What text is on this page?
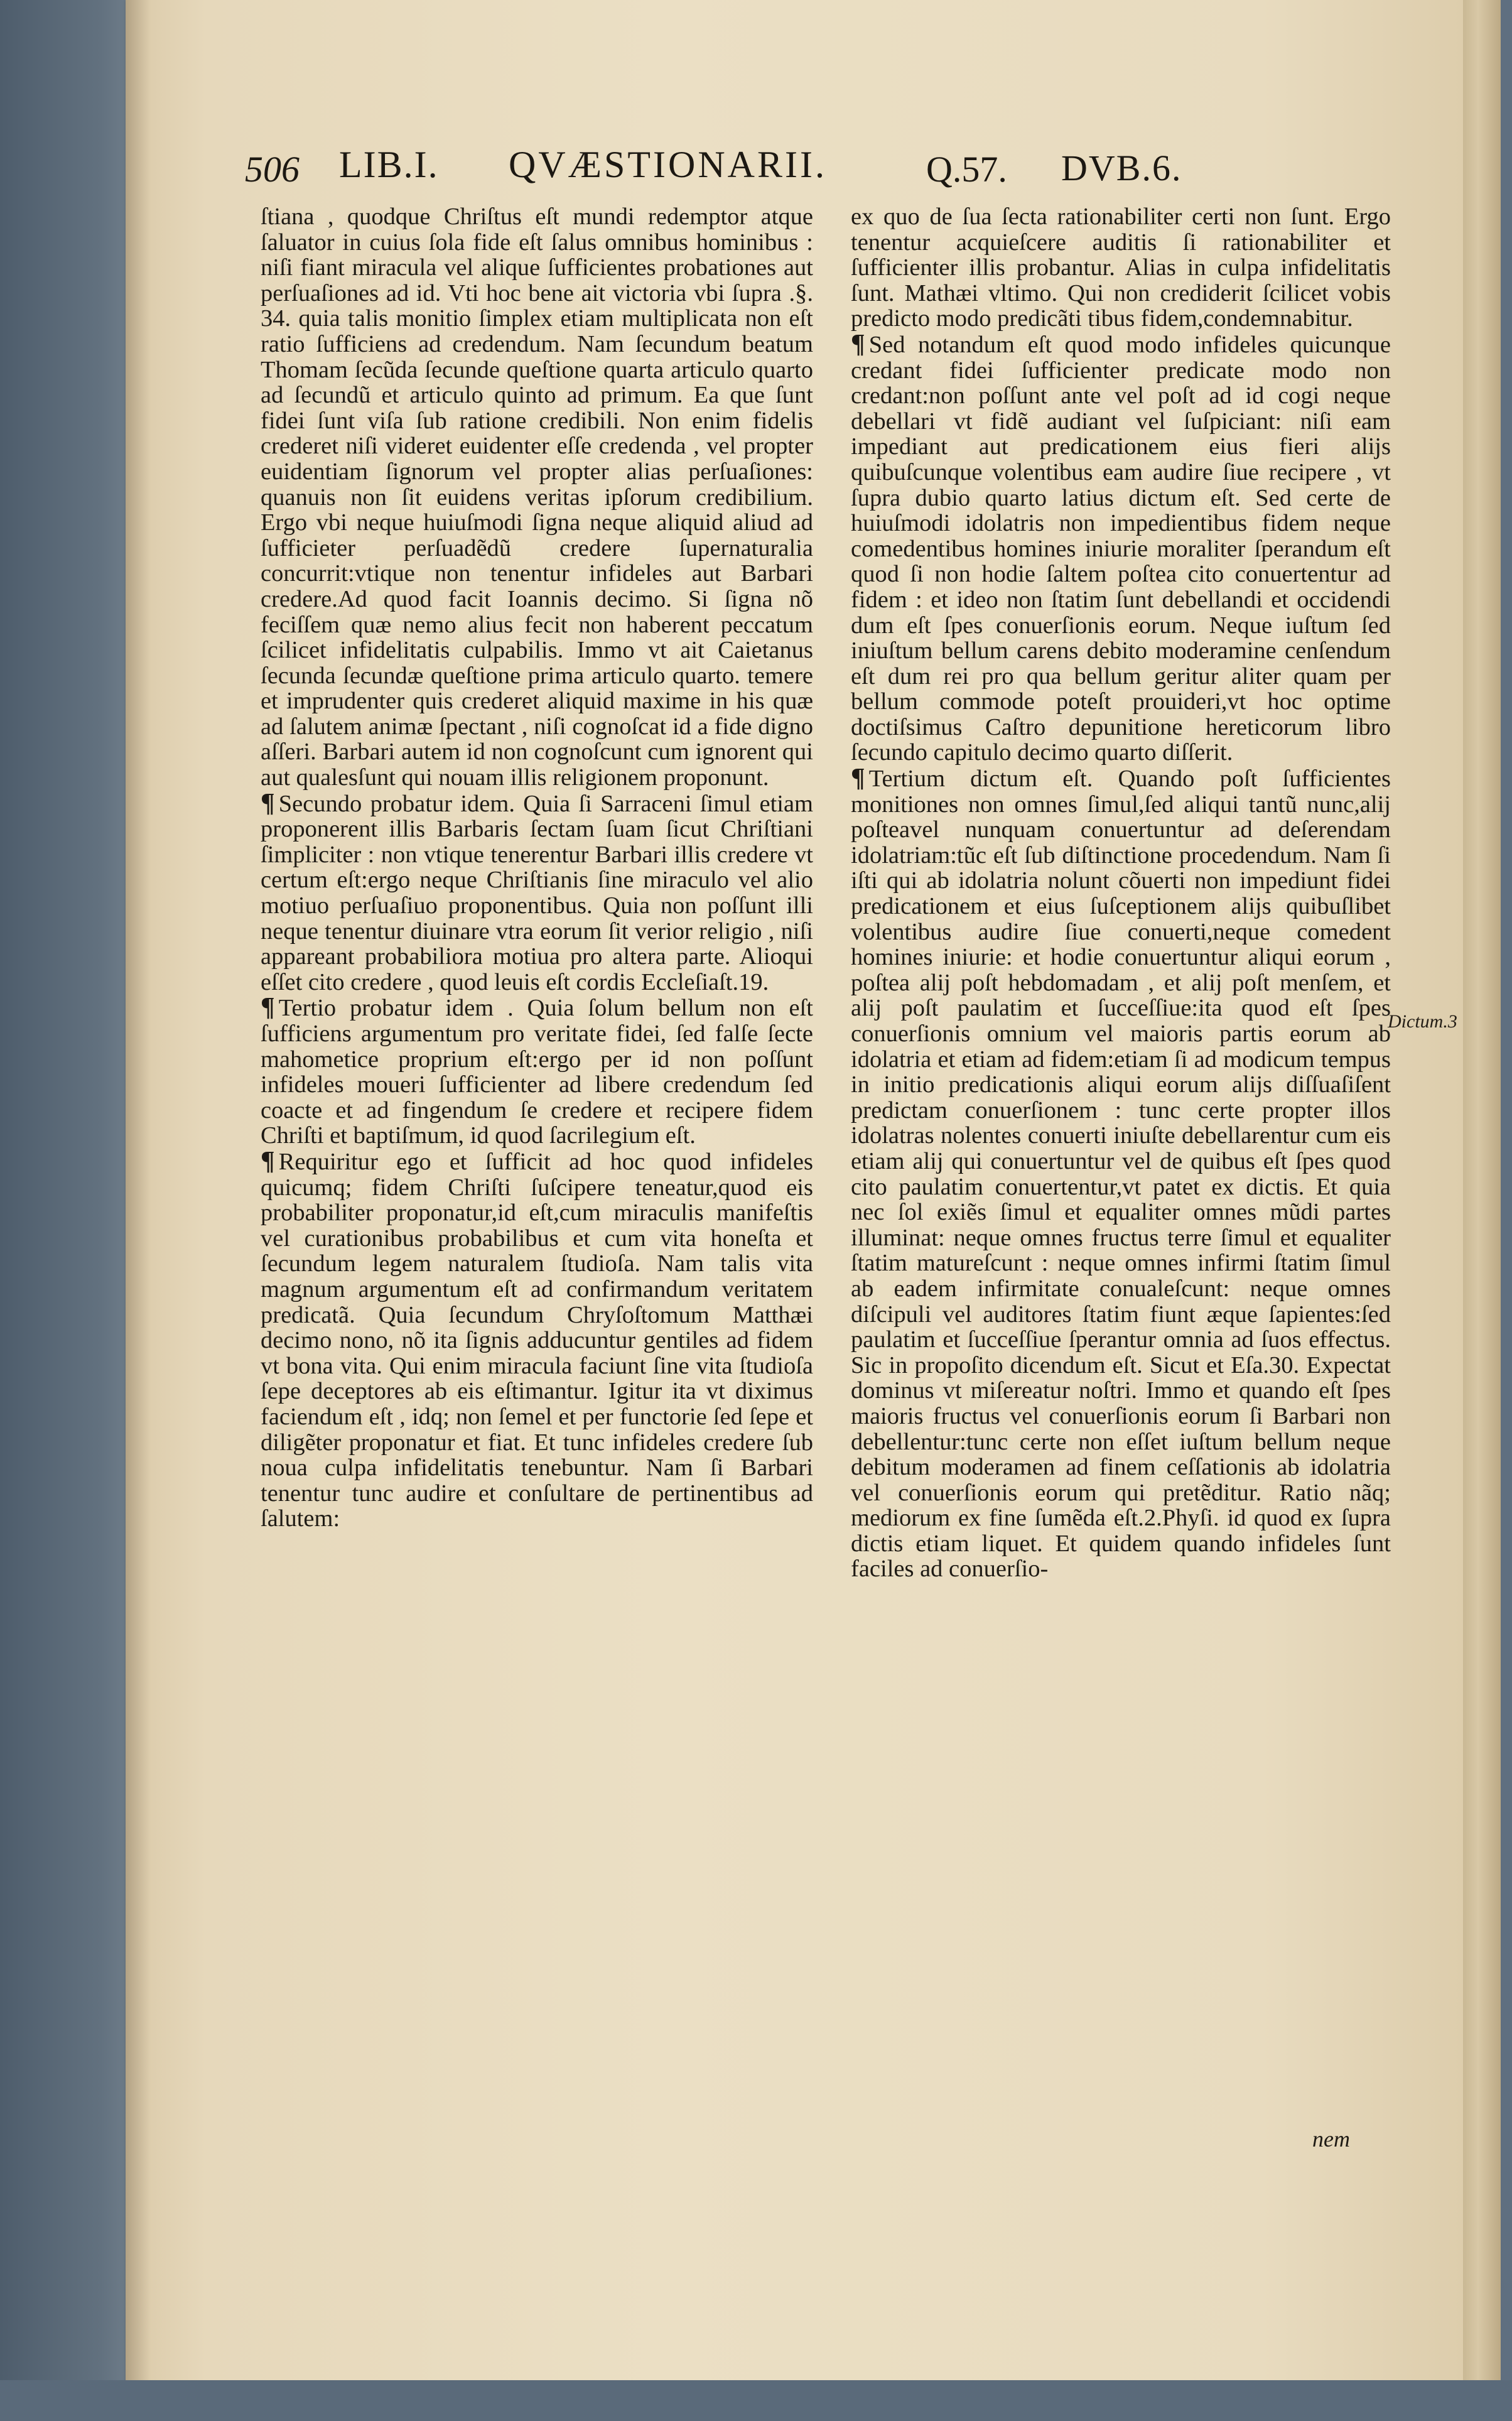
506 LIB.I. QVÆSTIONARII.	Q.57. DVB.6.

ſtiana , quodque Chriſtus eſt mundi redemptor atque ſaluator in cuius ſola fide eſt ſalus omnibus hominibus : niſi fiant miracula vel alique ſufficientes probationes aut perſuaſiones ad id. Vti hoc bene ait victoria vbi ſupra .§. 34. quia talis monitio ſimplex etiam multiplicata non eſt ratio ſufficiens ad credendum. Nam ſecundum beatum Thomam ſecũda ſecunde queſtione quarta articulo quarto ad ſecundũ et articulo quinto ad primum. Ea que ſunt fidei ſunt viſa ſub ratione credibili. Non enim fidelis crederet niſi videret euidenter eſſe credenda , vel propter euidentiam ſignorum vel propter alias perſuaſiones: quanuis non ſit euidens veritas ipſorum credibilium. Ergo vbi neque huiuſmodi ſigna neque aliquid aliud ad ſufficieter perſuadẽdũ credere ſupernaturalia concurrit:vtique non tenentur infideles aut Barbari credere.Ad quod facit Ioannis decimo. Si ſigna nõ feciſſem quæ nemo alius fecit non haberent peccatum ſcilicet infidelitatis culpabilis. Immo vt ait Caietanus ſecunda ſecundæ queſtione prima articulo quarto. temere et imprudenter quis crederet aliquid maxime in his quæ ad ſalutem animæ ſpectant , niſi cognoſcat id a fide digno aſſeri. Barbari autem id non cognoſcunt cum ignorent qui aut qualesſunt qui nouam illis religionem proponunt.

¶ Secundo probatur idem. Quia ſi Sarraceni ſimul etiam proponerent illis Barbaris ſectam ſuam ſicut Chriſtiani ſimpliciter : non vtique tenerentur Barbari illis credere vt certum eſt:ergo neque Chriſtianis ſine miraculo vel alio motiuo perſuaſiuo proponentibus. Quia non poſſunt illi neque tenentur diuinare vtra eorum ſit verior religio , niſi appareant probabiliora motiua pro altera parte. Alioqui eſſet cito credere , quod leuis eſt cordis Eccleſiaſt.19.

¶ Tertio probatur idem . Quia ſolum bellum non eſt ſufficiens argumentum pro veritate fidei, ſed falſe ſecte mahometice proprium eſt:ergo per id non poſſunt infideles moueri ſufficienter ad libere credendum ſed coacte et ad fingendum ſe credere et recipere fidem Chriſti et baptiſmum, id quod ſacrilegium eſt.

¶ Requiritur ego et ſufficit ad hoc quod infideles quicumq; fidem Chriſti ſuſcipere teneatur,quod eis probabiliter proponatur,id eſt,cum miraculis manifeſtis vel curationibus probabilibus et cum vita honeſta et ſecundum legem naturalem ſtudioſa. Nam talis vita magnum argumentum eſt ad confirmandum veritatem predicatã. Quia ſecundum Chryſoſtomum Matthæi decimo nono, nõ ita ſignis adducuntur gentiles ad fidem vt bona vita. Qui enim miracula faciunt ſine vita ſtudioſa ſepe deceptores ab eis eſtimantur. Igitur ita vt diximus faciendum eſt , idq; non ſemel et per functorie ſed ſepe et diligẽter proponatur et fiat. Et tunc infideles credere ſub noua culpa infidelitatis tenebuntur. Nam ſi Barbari tenentur tunc audire et conſultare de pertinentibus ad ſalutem:

ex quo de ſua ſecta rationabiliter certi non ſunt. Ergo tenentur acquieſcere auditis ſi rationabiliter et ſufficienter illis probantur. Alias in culpa infidelitatis ſunt. Mathæi vltimo. Qui non crediderit ſcilicet vobis predicto modo predicãti tibus fidem,condemnabitur.

¶ Sed notandum eſt quod modo infideles quicunque credant fidei ſufficienter predicate modo non credant:non poſſunt ante vel poſt ad id cogi neque debellari vt fidẽ audiant vel ſuſpiciant: niſi eam impediant aut predicationem eius fieri alijs quibuſcunque volentibus eam audire ſiue recipere , vt ſupra dubio quarto latius dictum eſt. Sed certe de huiuſmodi idolatris non impedientibus fidem neque comedentibus homines iniurie moraliter ſperandum eſt quod ſi non hodie ſaltem poſtea cito conuertentur ad fidem : et ideo non ſtatim ſunt debellandi et occidendi dum eſt ſpes conuerſionis eorum. Neque iuſtum ſed iniuſtum bellum carens debito moderamine cenſendum eſt dum rei pro qua bellum geritur aliter quam per bellum commode poteſt prouideri,vt hoc optime doctiſsimus Caſtro depunitione hereticorum libro ſecundo capitulo decimo quarto diſſerit.

¶ Tertium dictum eſt. Quando poſt ſufficientes monitiones non omnes ſimul,ſed aliqui tantũ nunc,alij poſteavel nunquam conuertuntur ad deſerendam idolatriam:tũc eſt ſub diſtinctione procedendum. Nam ſi iſti qui ab idolatria nolunt cõuerti non impediunt fidei predicationem et eius ſuſceptionem alijs quibuſlibet volentibus audire ſiue conuerti,neque comedent homines iniurie: et hodie conuertuntur aliqui eorum , poſtea alij poſt hebdomadam , et alij poſt menſem, et alij poſt paulatim et ſucceſſiue:ita quod eſt ſpes conuerſionis omnium vel maioris partis eorum ab idolatria et etiam ad fidem:etiam ſi ad modicum tempus in initio predicationis aliqui eorum alijs diſſuaſiſent predictam conuerſionem : tunc certe propter illos idolatras nolentes conuerti iniuſte debellarentur cum eis etiam alij qui conuertuntur vel de quibus eſt ſpes quod cito paulatim conuertentur,vt patet ex dictis. Et quia nec ſol exiẽs ſimul et equaliter omnes mũdi partes illuminat: neque omnes fructus terre ſimul et equaliter ſtatim matureſcunt : neque omnes infirmi ſtatim ſimul ab eadem infirmitate conualeſcunt: neque omnes diſcipuli vel auditores ſtatim fiunt æque ſapientes:ſed paulatim et ſucceſſiue ſperantur omnia ad ſuos effectus. Sic in propoſito dicendum eſt. Sicut et Eſa.30. Expectat dominus vt miſereatur noſtri. Immo et quando eſt ſpes maioris fructus vel conuerſionis eorum ſi Barbari non debellentur:tunc certe non eſſet iuſtum bellum neque debitum moderamen ad finem ceſſationis ab idolatria vel conuerſionis eorum qui pretẽditur. Ratio nãq; mediorum ex fine ſumẽda eſt.2.Phyſi. id quod ex ſupra dictis etiam liquet. Et quidem quando infideles ſunt faciles ad conuerſio-

Dictum.3
nem
